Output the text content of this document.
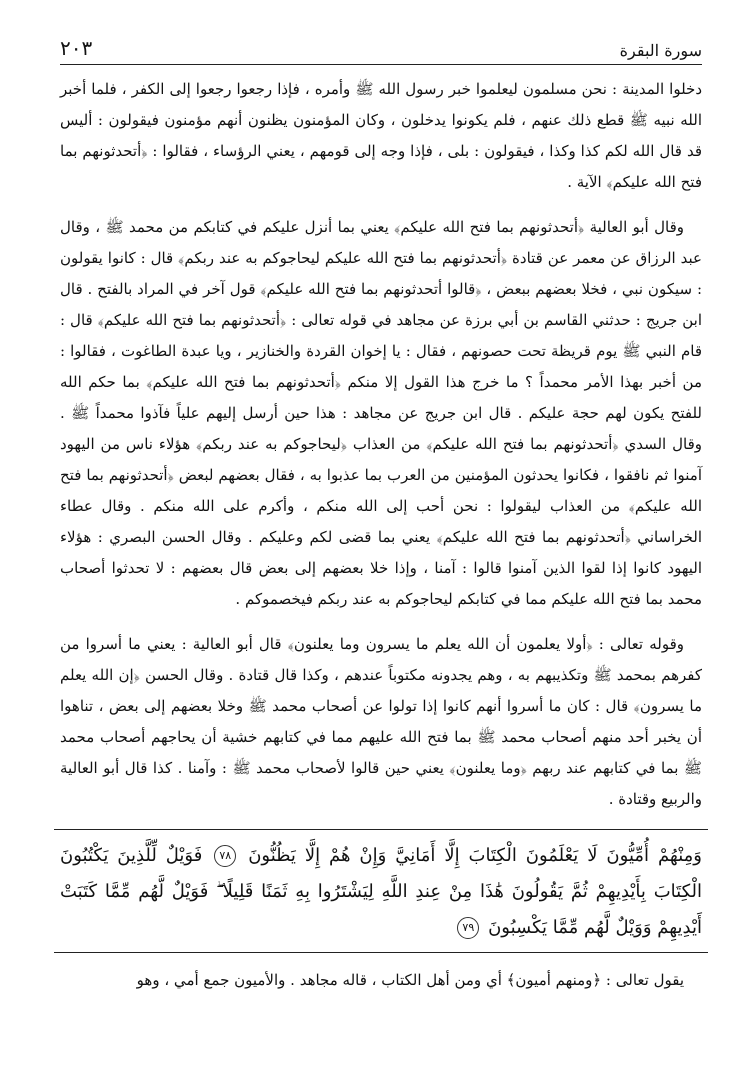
٢٠٣	سورة البقرة

دخلوا المدينة : نحن مسلمون ليعلموا خبر رسول الله ﷺ وأمره ، فإذا رجعوا رجعوا إلى الكفر ، فلما أخبر الله نبيه ﷺ قطع ذلك عنهم ، فلم يكونوا يدخلون ، وكان المؤمنون يظنون أنهم مؤمنون فيقولون : أليس قد قال الله لكم كذا وكذا ، فيقولون : بلى ، فإذا وجه إلى قومهم ، يعني الرؤساء ، فقالوا : ﴿أتحدثونهم بما فتح الله عليكم﴾ الآية .

وقال أبو العالية ﴿أتحدثونهم بما فتح الله عليكم﴾ يعني بما أنزل عليكم في كتابكم من محمد ﷺ ، وقال عبد الرزاق عن معمر عن قتادة ﴿أتحدثونهم بما فتح الله عليكم ليحاجوكم به عند ربكم﴾ قال : كانوا يقولون : سيكون نبي ، فخلا بعضهم ببعض ، ﴿قالوا أتحدثونهم بما فتح الله عليكم﴾ قول آخر في المراد بالفتح . قال ابن جريج : حدثني القاسم بن أبي برزة عن مجاهد في قوله تعالى : ﴿أتحدثونهم بما فتح الله عليكم﴾ قال : قام النبي ﷺ يوم قريظة تحت حصونهم ، فقال : يا إخوان القردة والخنازير ، ويا عبدة الطاغوت ، فقالوا : من أخبر بهذا الأمر محمداً ؟ ما خرج هذا القول إلا منكم ﴿أتحدثونهم بما فتح الله عليكم﴾ بما حكم الله للفتح يكون لهم حجة عليكم . قال ابن جريج عن مجاهد : هذا حين أرسل إليهم علياً فآذوا محمداً ﷺ . وقال السدي ﴿أتحدثونهم بما فتح الله عليكم﴾ من العذاب ﴿ليحاجوكم به عند ربكم﴾ هؤلاء ناس من اليهود آمنوا ثم نافقوا ، فكانوا يحدثون المؤمنين من العرب بما عذبوا به ، فقال بعضهم لبعض ﴿أتحدثونهم بما فتح الله عليكم﴾ من العذاب ليقولوا : نحن أحب إلى الله منكم ، وأكرم على الله منكم . وقال عطاء الخراساني ﴿أتحدثونهم بما فتح الله عليكم﴾ يعني بما قضى لكم وعليكم . وقال الحسن البصري : هؤلاء اليهود كانوا إذا لقوا الذين آمنوا قالوا : آمنا ، وإذا خلا بعضهم إلى بعض قال بعضهم : لا تحدثوا أصحاب محمد بما فتح الله عليكم مما في كتابكم ليحاجوكم به عند ربكم فيخصموكم .

وقوله تعالى : ﴿أولا يعلمون أن الله يعلم ما يسرون وما يعلنون﴾ قال أبو العالية : يعني ما أسروا من كفرهم بمحمد ﷺ وتكذيبهم به ، وهم يجدونه مكتوباً عندهم ، وكذا قال قتادة . وقال الحسن ﴿إن الله يعلم ما يسرون﴾ قال : كان ما أسروا أنهم كانوا إذا تولوا عن أصحاب محمد ﷺ وخلا بعضهم إلى بعض ، تناهوا أن يخبر أحد منهم أصحاب محمد ﷺ بما فتح الله عليهم مما في كتابهم خشية أن يحاجهم أصحاب محمد ﷺ بما في كتابهم عند ربهم ﴿وما يعلنون﴾ يعني حين قالوا لأصحاب محمد ﷺ : وآمنا . كذا قال أبو العالية والربيع وقتادة .

وَمِنْهُمْ أُمِّيُّونَ لَا يَعْلَمُونَ الْكِتَابَ إِلَّا أَمَانِيَّ وَإِنْ هُمْ إِلَّا يَظُنُّونَ ٧٨ فَوَيْلٌ لِّلَّذِينَ يَكْتُبُونَ الْكِتَابَ بِأَيْدِيهِمْ ثُمَّ يَقُولُونَ هَٰذَا مِنْ عِندِ اللَّهِ لِيَشْتَرُوا بِهِ ثَمَنًا قَلِيلًا ۖ فَوَيْلٌ لَّهُم مِّمَّا كَتَبَتْ أَيْدِيهِمْ وَوَيْلٌ لَّهُم مِّمَّا يَكْسِبُونَ ٧٩

يقول تعالى : ﴿ومنهم أميون﴾ أي ومن أهل الكتاب ، قاله مجاهد . والأميون جمع أمي ، وهو
